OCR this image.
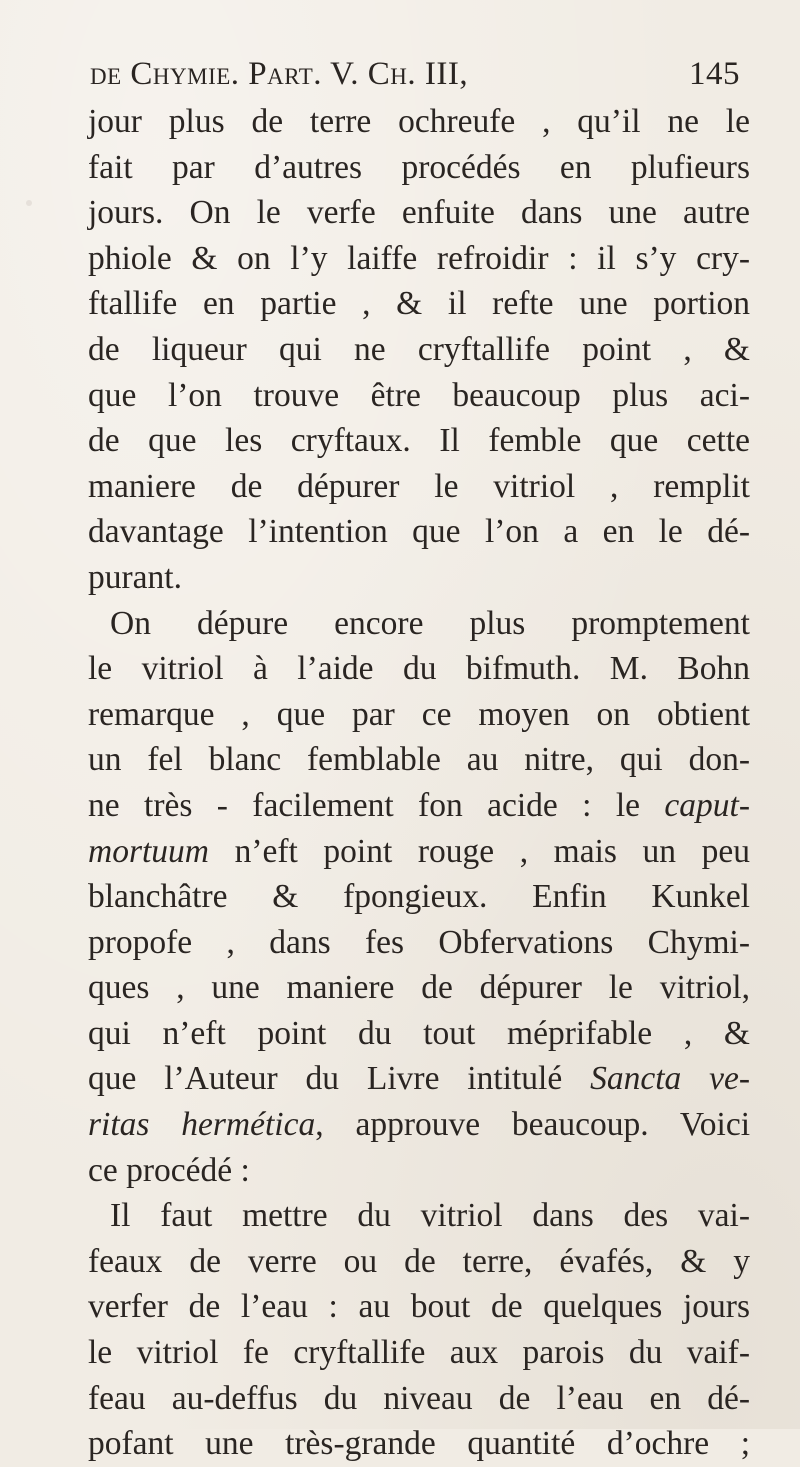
de Chymie. Part. V. Ch. III,	145
jour plus de terre ochreufe , qu’il ne le
fait par d’autres procédés en plufieurs
jours. On le verfe enfuite dans une autre
phiole & on l’y laiffe refroidir : il s’y cry-
ftallife en partie , & il refte une portion
de liqueur qui ne cryftallife point , &
que l’on trouve être beaucoup plus aci-
de que les cryftaux. Il femble que cette
maniere de dépurer le vitriol , remplit
davantage l’intention que l’on a en le dé-
purant.
On dépure encore plus promptement
le vitriol à l’aide du bifmuth. M. Bohn
remarque , que par ce moyen on obtient
un fel blanc femblable au nitre, qui don-
ne très - facilement fon acide : le caput-
mortuum n’eft point rouge , mais un peu
blanchâtre & fpongieux. Enfin Kunkel
propofe , dans fes Obfervations Chymi-
ques , une maniere de dépurer le vitriol,
qui n’eft point du tout méprifable , &
que l’Auteur du Livre intitulé Sancta ve-
ritas hermética, approuve beaucoup. Voici
ce procédé :
Il faut mettre du vitriol dans des vai-
feaux de verre ou de terre, évafés, & y
verfer de l’eau : au bout de quelques jours
le vitriol fe cryftallife aux parois du vaif-
feau au-deffus du niveau de l’eau en dé-
pofant une très-grande quantité d’ochre ;
